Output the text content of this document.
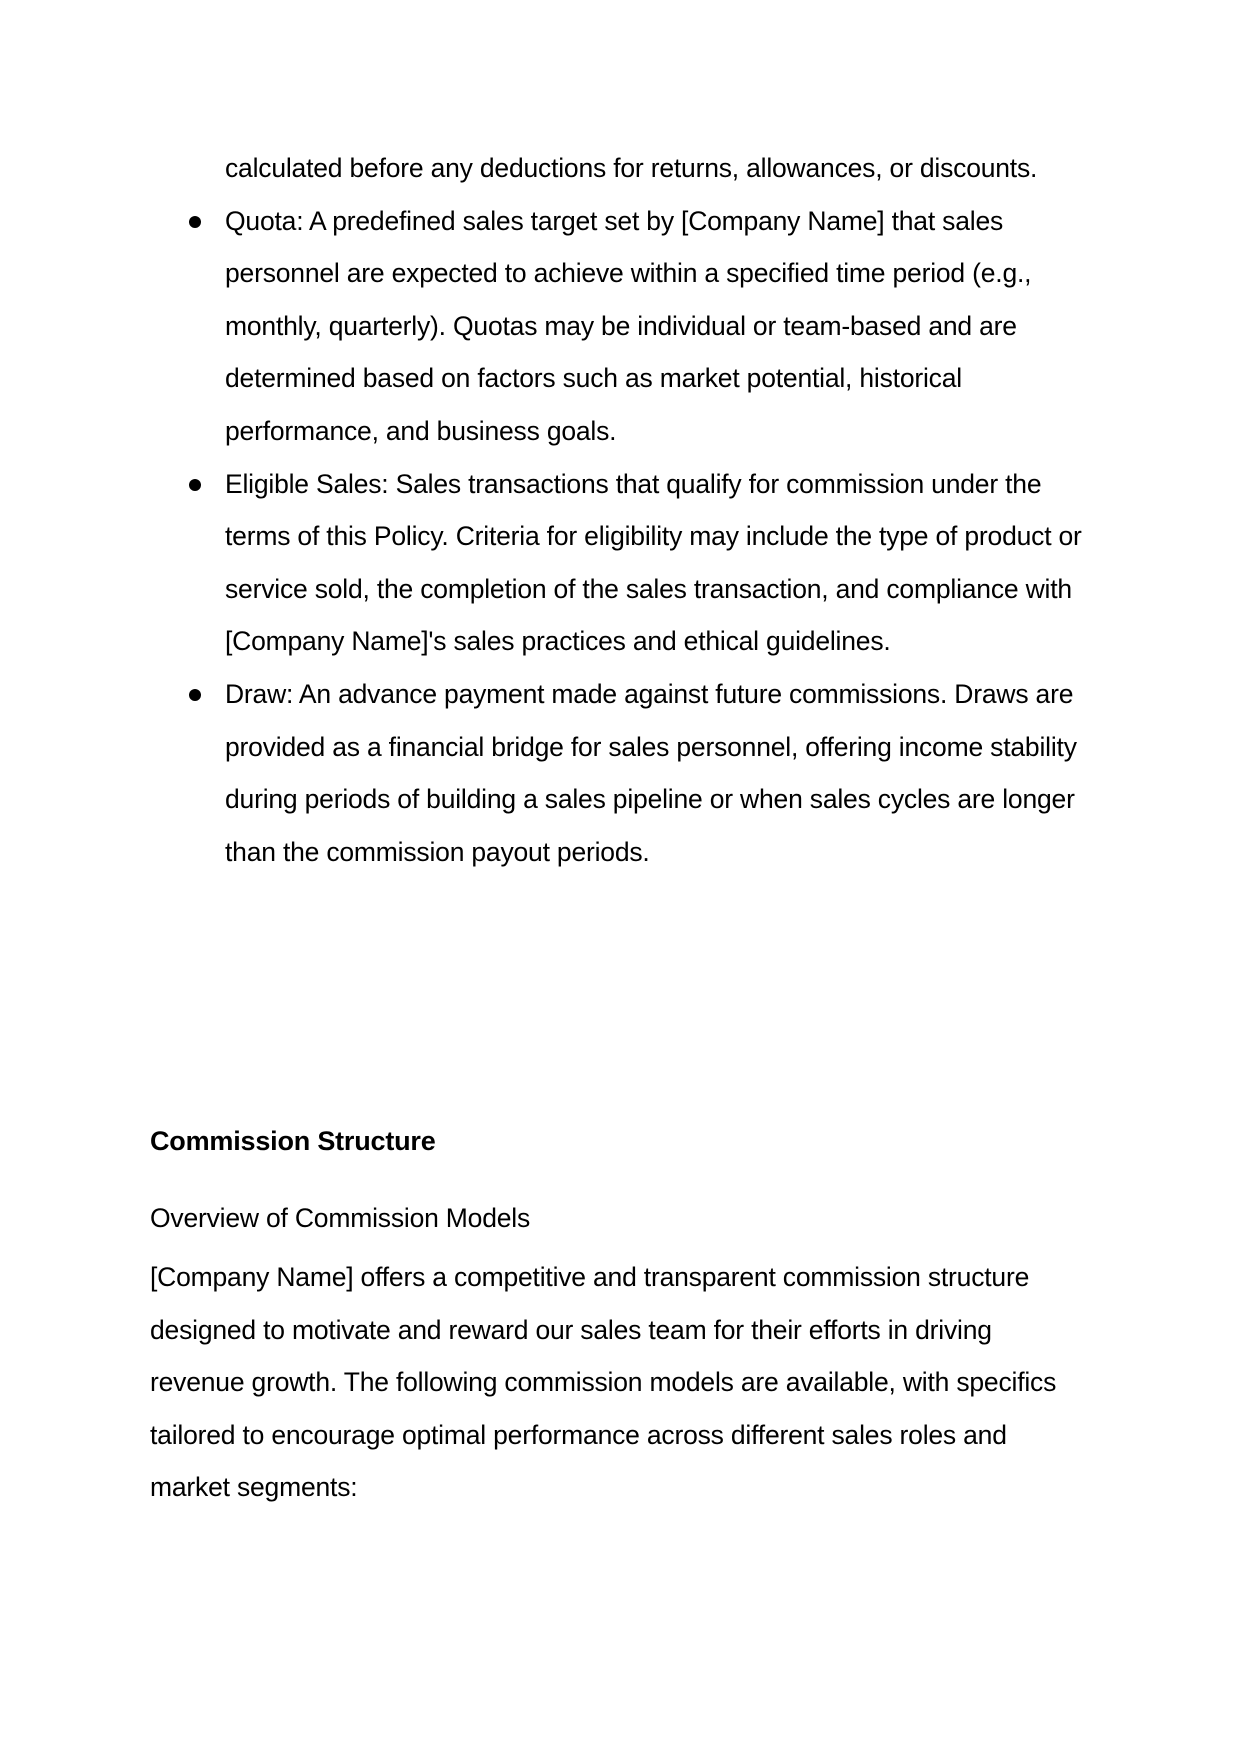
calculated before any deductions for returns, allowances, or discounts.

Quota: A predefined sales target set by [Company Name] that sales personnel are expected to achieve within a specified time period (e.g., monthly, quarterly). Quotas may be individual or team-based and are determined based on factors such as market potential, historical performance, and business goals.
Eligible Sales: Sales transactions that qualify for commission under the terms of this Policy. Criteria for eligibility may include the type of product or service sold, the completion of the sales transaction, and compliance with [Company Name]'s sales practices and ethical guidelines.
Draw: An advance payment made against future commissions. Draws are provided as a financial bridge for sales personnel, offering income stability during periods of building a sales pipeline or when sales cycles are longer than the commission payout periods.
Commission Structure

Overview of Commission Models

[Company Name] offers a competitive and transparent commission structure designed to motivate and reward our sales team for their efforts in driving revenue growth. The following commission models are available, with specifics tailored to encourage optimal performance across different sales roles and market segments:
